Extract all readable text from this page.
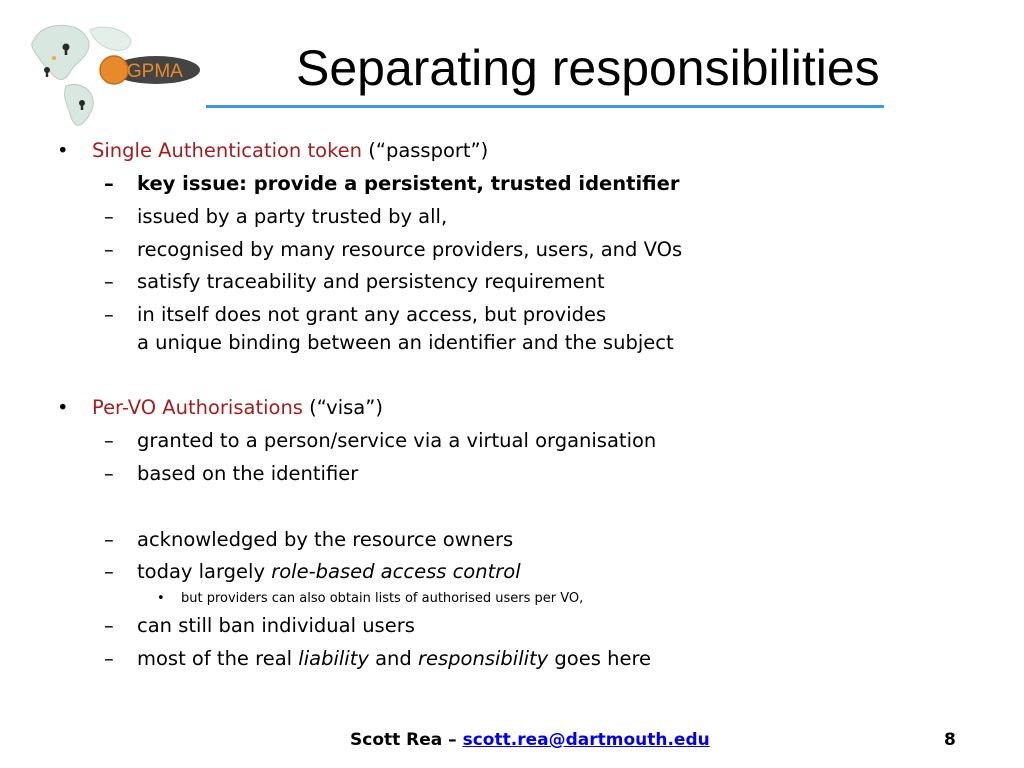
TAGPMA Separating responsibilities
• Single Authentication token (“passport”)
– key issue: provide a persistent, trusted identifier
– issued by a party trusted by all,
– recognised by many resource providers, users, and VOs
– satisfy traceability and persistency requirement
– in itself does not grant any access, but provides
a unique binding between an identifier and the subject
• Per-VO Authorisations (“visa”)
– granted to a person/service via a virtual organisation
– based on the identifier
– acknowledged by the resource owners
– today largely role-based access control
• but providers can also obtain lists of authorised users per VO,
– can still ban individual users
– most of the real liability and responsibility goes here
Scott Rea – scott.rea@dartmouth.edu	8
